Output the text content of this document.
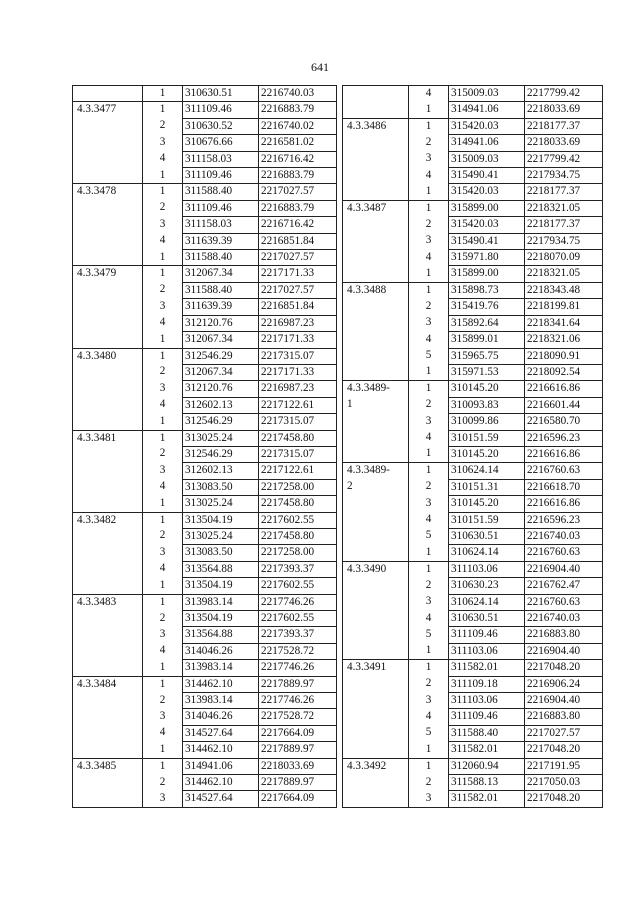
641
	1	310630.51	2216740.03
4.3.3477	1	311109.46	2216883.79
	2	310630.52	2216740.02
	3	310676.66	2216581.02
	4	311158.03	2216716.42
	1	311109.46	2216883.79
4.3.3478	1	311588.40	2217027.57
	2	311109.46	2216883.79
	3	311158.03	2216716.42
	4	311639.39	2216851.84
	1	311588.40	2217027.57
4.3.3479	1	312067.34	2217171.33
	2	311588.40	2217027.57
	3	311639.39	2216851.84
	4	312120.76	2216987.23
	1	312067.34	2217171.33
4.3.3480	1	312546.29	2217315.07
	2	312067.34	2217171.33
	3	312120.76	2216987.23
	4	312602.13	2217122.61
	1	312546.29	2217315.07
4.3.3481	1	313025.24	2217458.80
	2	312546.29	2217315.07
	3	312602.13	2217122.61
	4	313083.50	2217258.00
	1	313025.24	2217458.80
4.3.3482	1	313504.19	2217602.55
	2	313025.24	2217458.80
	3	313083.50	2217258.00
	4	313564.88	2217393.37
	1	313504.19	2217602.55
4.3.3483	1	313983.14	2217746.26
	2	313504.19	2217602.55
	3	313564.88	2217393.37
	4	314046.26	2217528.72
	1	313983.14	2217746.26
4.3.3484	1	314462.10	2217889.97
	2	313983.14	2217746.26
	3	314046.26	2217528.72
	4	314527.64	2217664.09
	1	314462.10	2217889.97
4.3.3485	1	314941.06	2218033.69
	2	314462.10	2217889.97
	3	314527.64	2217664.09
	4	315009.03	2217799.42
	1	314941.06	2218033.69
4.3.3486	1	315420.03	2218177.37
	2	314941.06	2218033.69
	3	315009.03	2217799.42
	4	315490.41	2217934.75
	1	315420.03	2218177.37
4.3.3487	1	315899.00	2218321.05
	2	315420.03	2218177.37
	3	315490.41	2217934.75
	4	315971.80	2218070.09
	1	315899.00	2218321.05
4.3.3488	1	315898.73	2218343.48
	2	315419.76	2218199.81
	3	315892.64	2218341.64
	4	315899.01	2218321.06
	5	315965.75	2218090.91
	1	315971.53	2218092.54
4.3.3489-	1	310145.20	2216616.86
1	2	310093.83	2216601.44
	3	310099.86	2216580.70
	4	310151.59	2216596.23
	1	310145.20	2216616.86
4.3.3489-	1	310624.14	2216760.63
2	2	310151.31	2216618.70
	3	310145.20	2216616.86
	4	310151.59	2216596.23
	5	310630.51	2216740.03
	1	310624.14	2216760.63
4.3.3490	1	311103.06	2216904.40
	2	310630.23	2216762.47
	3	310624.14	2216760.63
	4	310630.51	2216740.03
	5	311109.46	2216883.80
	1	311103.06	2216904.40
4.3.3491	1	311582.01	2217048.20
	2	311109.18	2216906.24
	3	311103.06	2216904.40
	4	311109.46	2216883.80
	5	311588.40	2217027.57
	1	311582.01	2217048.20
4.3.3492	1	312060.94	2217191.95
	2	311588.13	2217050.03
	3	311582.01	2217048.20
